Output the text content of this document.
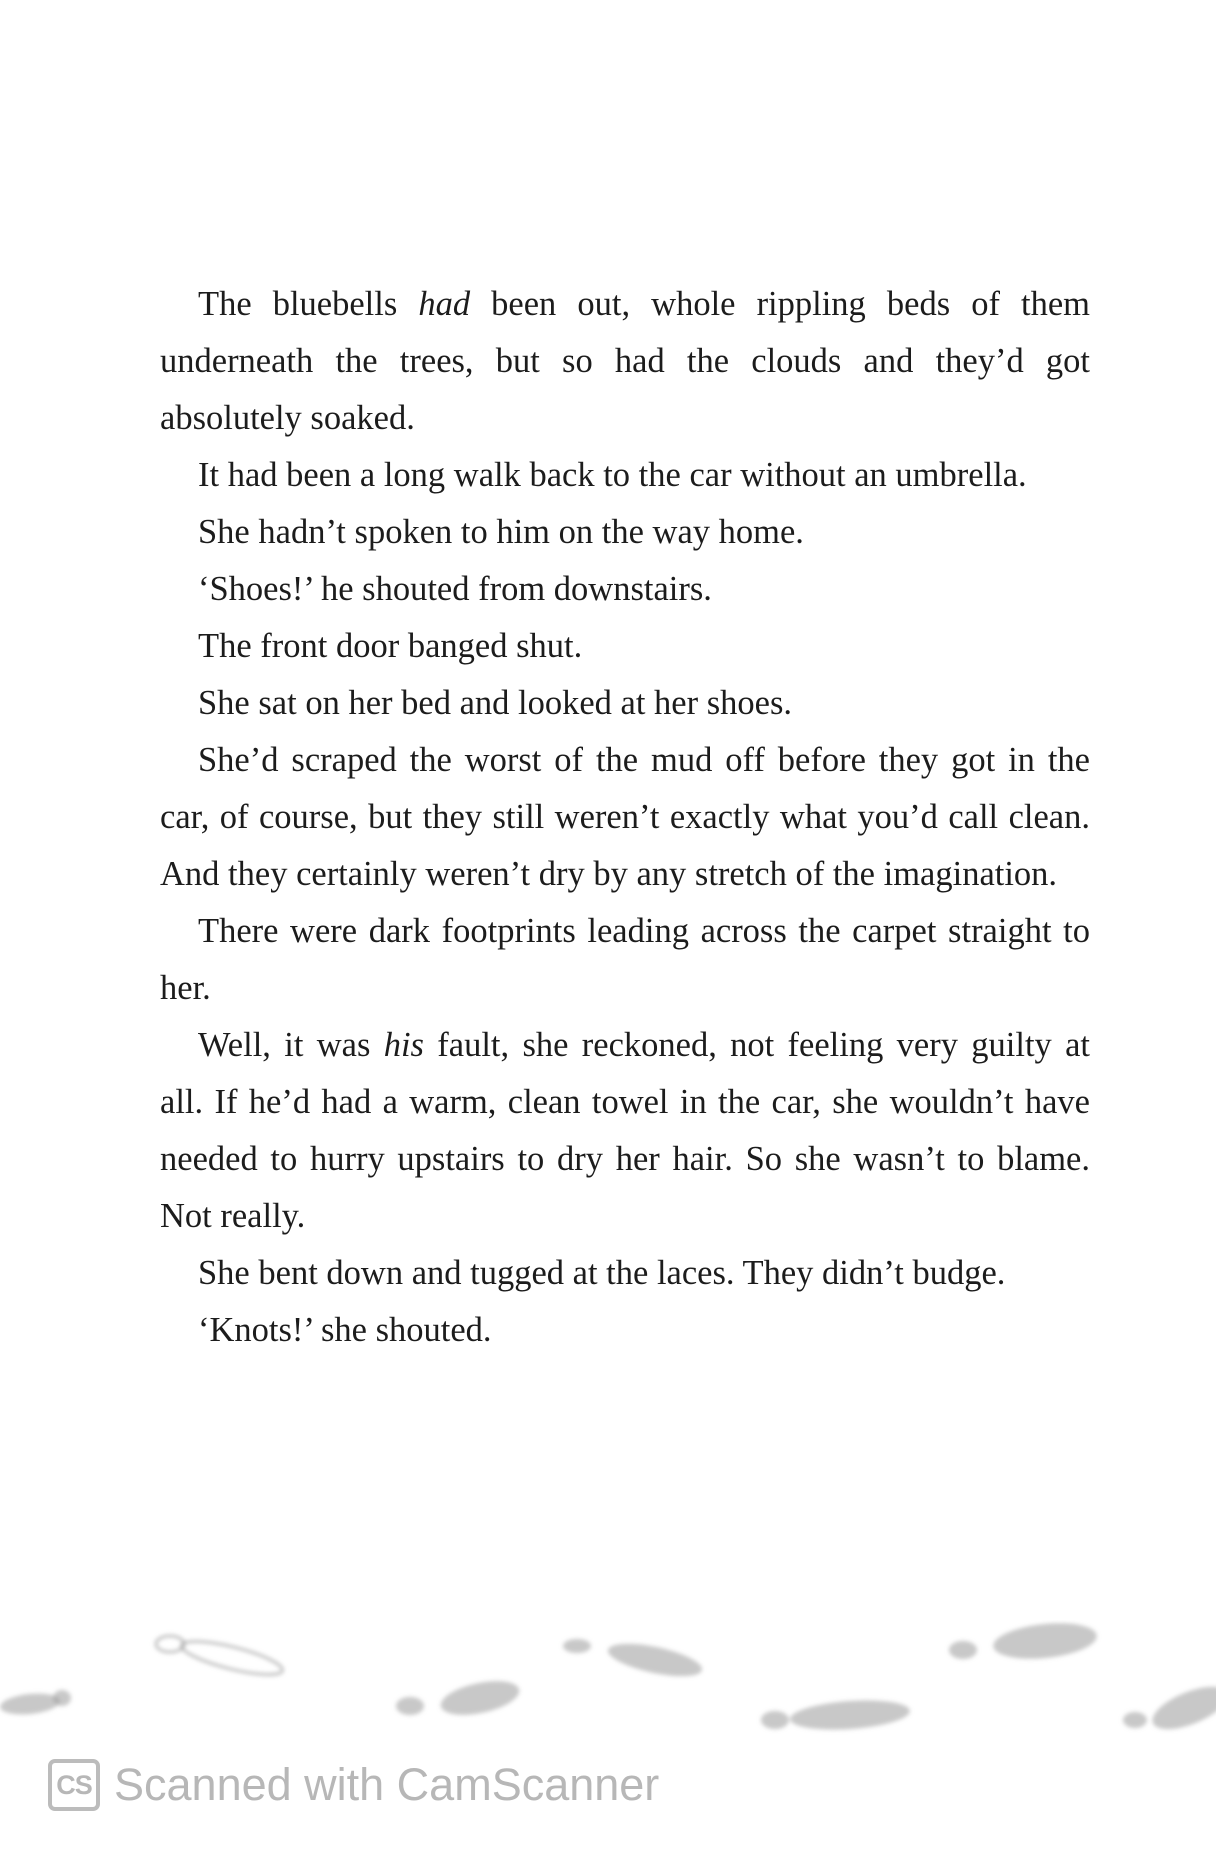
The bluebells had been out, whole rippling beds of them underneath the trees, but so had the clouds and they’d got absolutely soaked.

It had been a long walk back to the car without an umbrella.

She hadn’t spoken to him on the way home.

‘Shoes!’ he shouted from downstairs.

The front door banged shut.

She sat on her bed and looked at her shoes.

She’d scraped the worst of the mud off before they got in the car, of course, but they still weren’t exactly what you’d call clean. And they certainly weren’t dry by any stretch of the imagination.

There were dark footprints leading across the carpet straight to her.

Well, it was his fault, she reckoned, not feeling very guilty at all. If he’d had a warm, clean towel in the car, she wouldn’t have needed to hurry upstairs to dry her hair. So she wasn’t to blame. Not really.

She bent down and tugged at the laces. They didn’t budge.

‘Knots!’ she shouted.

CS Scanned with CamScanner
